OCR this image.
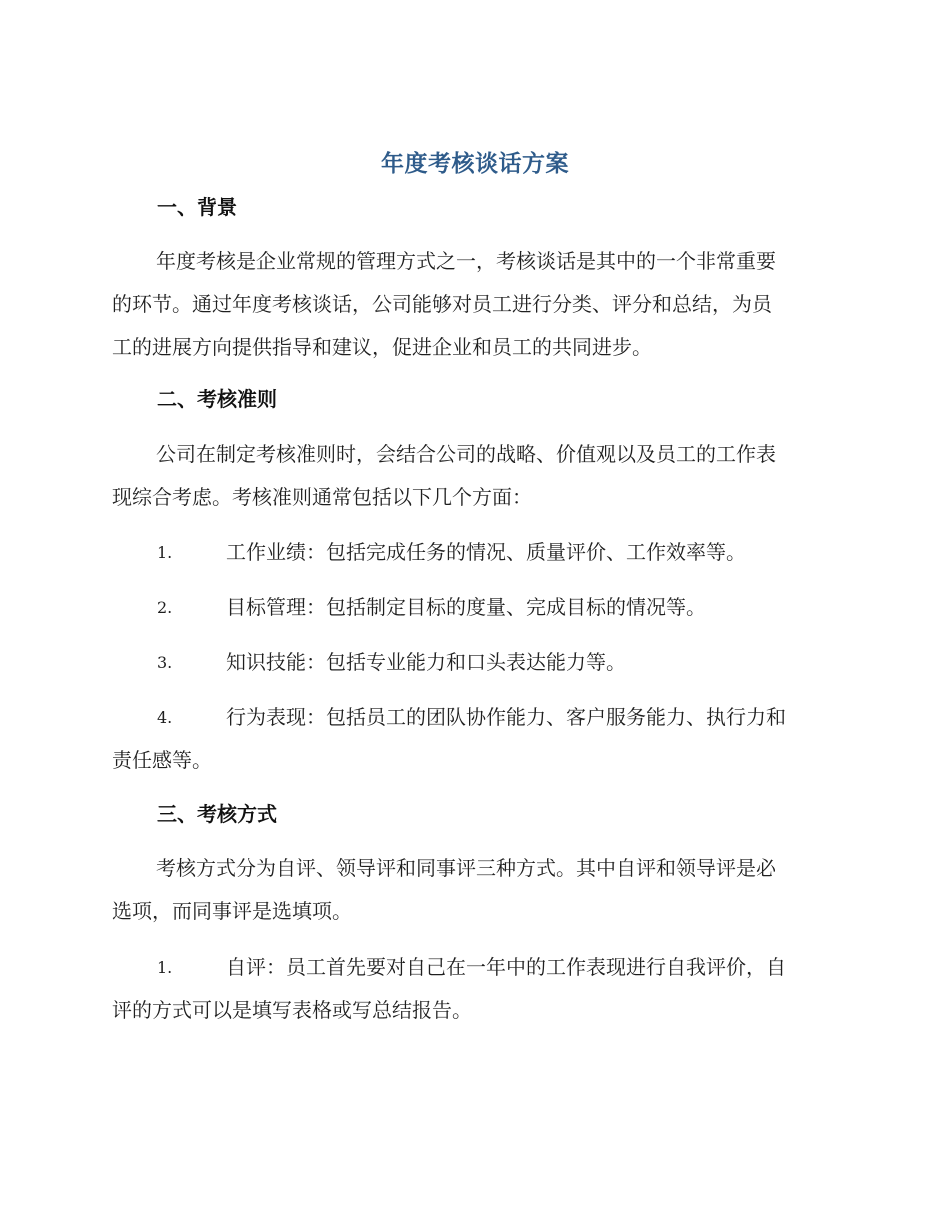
年度考核谈话方案
一、背景
年度考核是企业常规的管理方式之一，考核谈话是其中的一个非常重要
的环节。通过年度考核谈话，公司能够对员工进行分类、评分和总结，为员
工的进展方向提供指导和建议，促进企业和员工的共同进步。
二、考核准则
公司在制定考核准则时，会结合公司的战略、价值观以及员工的工作表
现综合考虑。考核准则通常包括以下几个方面：
1.	工作业绩：包括完成任务的情况、质量评价、工作效率等。
2.	目标管理：包括制定目标的度量、完成目标的情况等。
3.	知识技能：包括专业能力和口头表达能力等。
4.	行为表现：包括员工的团队协作能力、客户服务能力、执行力和
责任感等。
三、考核方式
考核方式分为自评、领导评和同事评三种方式。其中自评和领导评是必
选项，而同事评是选填项。
1.	自评：员工首先要对自己在一年中的工作表现进行自我评价，自
评的方式可以是填写表格或写总结报告。
